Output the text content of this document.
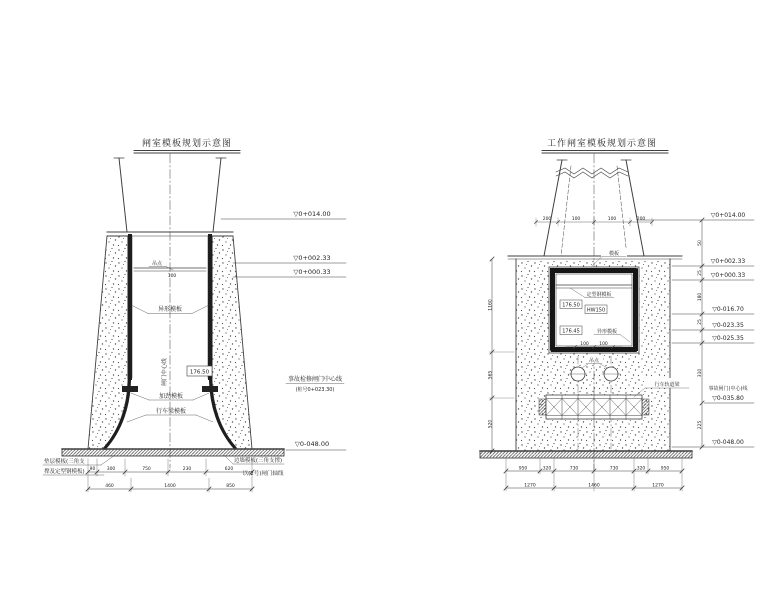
闸室模板规划示意图
吊点
100
异形模板
176.50
闸门中心线
加劲模板
行车梁模板
垫层模板(三角支
撑及定型钢模板)
边墙模板(三角支撑)
以(2号)闸门轴线
▽0+014.00
▽0+002.33
▽0+000.33
事故检修闸门中心线
(桩号0+023.30)
▽0-048.00
90	300	750	230	620
460	1400	850
工作闸室模板规划示意图
200	100	100	200
模板
定型钢模板
176.50
HW150
176.45	异形模板
100 100
吊点
行车轨道梁
1160
565
520
50
25
180
25
310
225
▽0+014.00
▽0+002.33
▽0+000.33
▽0-016.70
▽0-023.35
▽0-025.35
事故闸门(中心)线
▽0-035.80
▽0-048.00
950	320	730	730	320	950
1270	1460	1270
